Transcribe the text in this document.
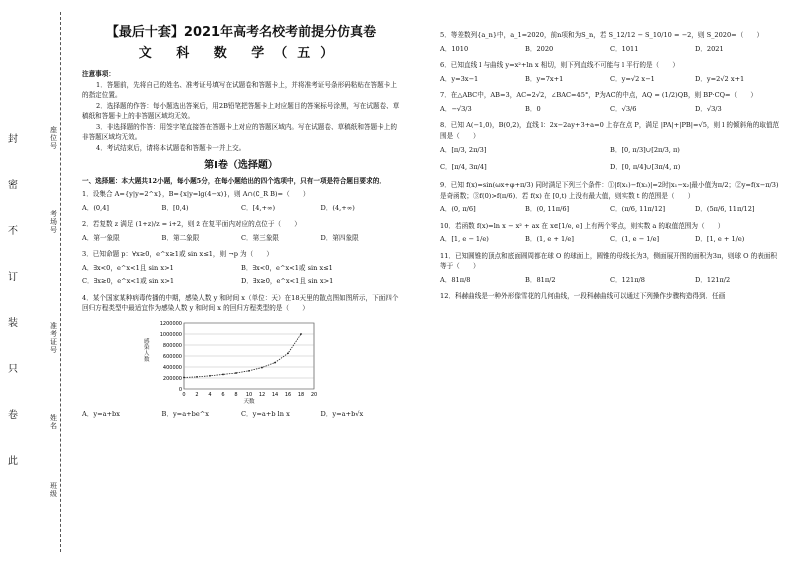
封
密
不
订
装
只
卷
此
座位号
考场号
准考证号
姓名
班级
【最后十套】2021年高考名校考前提分仿真卷
文 科 数 学（五）

注意事项：

1．答题前，先将自己的姓名、准考证号填写在试题卷和答题卡上，并将准考证号条形码粘贴在答题卡上的指定位置。

2．选择题的作答：每小题选出答案后，用2B铅笔把答题卡上对应题目的答案标号涂黑，写在试题卷、草稿纸和答题卡上的非答题区域均无效。

3．非选择题的作答：用签字笔直接答在答题卡上对应的答题区域内。写在试题卷、草稿纸和答题卡上的非答题区域均无效。

4．考试结束后，请将本试题卷和答题卡一并上交。

第Ⅰ卷（选择题）
一、选择题：本大题共12小题，每小题5分，在每小题给出的四个选项中，只有一项是符合题目要求的．
1．设集合 A={y|y=2^x}，B={x|y=lg(4−x)}，则 A∩(∁_R B)=（　　）
A．(0,4]	B．[0,4)	C．[4,+∞)	D．(4,+∞)
2．若复数 z 满足 (1+z)/z = i+2，则 z̄ 在复平面内对应的点位于（　　）
A．第一象限	B．第二象限	C．第三象限	D．第四象限
3．已知命题 p：∀x≥0，e^x≥1或 sin x≤1，则 ¬p 为（　　）
A．∃x<0，e^x<1且 sin x>1	B．∃x<0，e^x<1或 sin x≤1
C．∃x≥0，e^x<1或 sin x>1	D．∃x≥0，e^x<1且 sin x>1
4．某个国家某种病毒传播的中期，感染人数 y 和时间 x（单位：天）在18天里的散点图如图所示，下面四个回归方程类型中最适宜作为感染人数 y 和时间 x 的回归方程类型的是（　　）
感染人数
1200000
1000000
800000
600000
400000
200000
0
0 2 4 6 8 10 12 14 16 18 20
天数
A．y=a+bx	B．y=a+be^x	C．y=a+b ln x	D．y=a+b√x
5．等差数列{a_n}中，a_1=2020，前n项和为S_n，若 S_12/12 − S_10/10 = −2，则 S_2020=（　　）
A．1010	B．2020	C．1011	D．2021
6．已知直线 l 与曲线 y=x²+ln x 相切，则下列直线不可能与 l 平行的是（　　）
A．y=3x−1	B．y=7x+1	C．y=√2 x−1	D．y=2√2 x+1
7．在△ABC中，AB=3，AC=2√2，∠BAC=45°，P为AC的中点，AQ = (1/2)QB，则 BP·CQ=（　　）
A．−√3/3	B．0	C．√3/6	D．√3/3
8．已知 A(−1,0)，B(0,2)，直线 l：2x−2ay+3+a=0 上存在点 P，满足 |PA|+|PB|=√5，则 l 的倾斜角的取值范围是（　　）
A．[π/3, 2π/3]	B．[0, π/3]∪[2π/3, π)
C．[π/4, 3π/4]	D．[0, π/4]∪[3π/4, π)
9．已知 f(x)=sin(ωx+φ+π/3) 同时满足下列三个条件：①|f(x₁)−f(x₂)|=2时|x₁−x₂|最小值为π/2；②y=f(x−π/3)是奇函数；③f(0)>f(π/6)．若 f(x) 在 [0,t) 上没有最大值，则实数 t 的范围是（　　）
A．(0, π/6]	B．(0, 11π/6]	C．(π/6, 11π/12]	D．(5π/6, 11π/12]
10．若函数 f(x)=ln x − x² + ax 在 x∈[1/e, e] 上有两个零点，则实数 a 的取值范围为（　　）
A．[1, e − 1/e)	B．(1, e + 1/e]	C．(1, e − 1/e]	D．[1, e + 1/e)
11．已知圆锥的顶点和底面圆周都在球 O 的球面上，圆锥的母线长为3，侧面展开图的面积为3π，则球 O 的表面积等于（　　）
A．81π/8	B．81π/2	C．121π/8	D．121π/2
12．科赫曲线是一种外形像雪花的几何曲线，一段科赫曲线可以通过下列操作步骤构造得到．任画
